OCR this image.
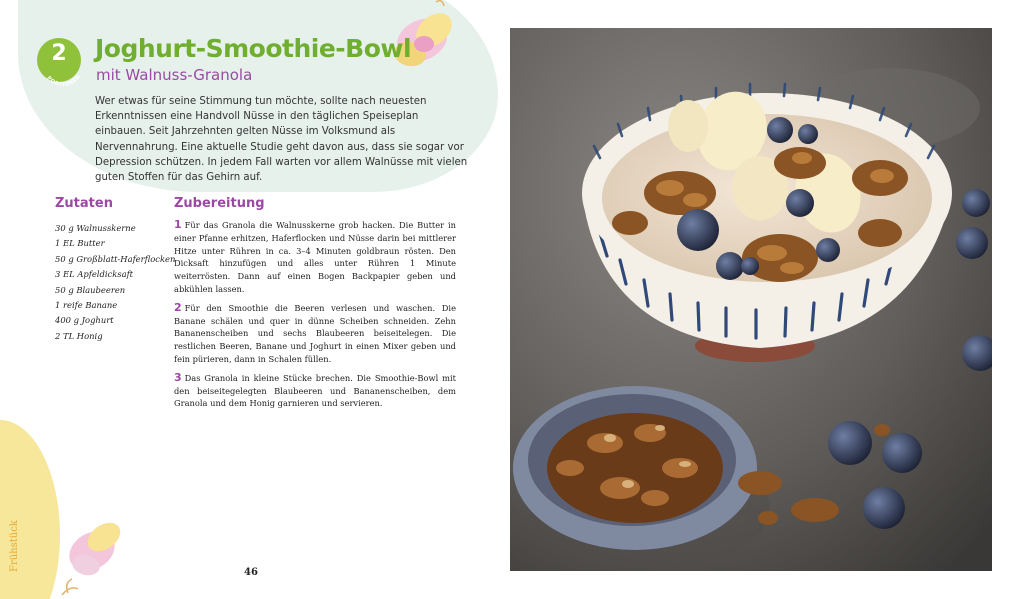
2
PORTIONEN
Joghurt-Smoothie-Bowl
mit Walnuss-Granola
Wer etwas für seine Stimmung tun möchte, sollte nach neuesten Erkenntnissen eine Handvoll Nüsse in den täglichen Speiseplan einbauen. Seit Jahrzehnten gelten Nüsse im Volksmund als Nervennahrung. Eine aktuelle Studie geht davon aus, dass sie sogar vor Depression schützen. In jedem Fall warten vor allem Walnüsse mit vielen guten Stoffen für das Gehirn auf.
Zutaten
30 g Walnusskerne
1 EL Butter
50 g Großblatt-Haferflocken
3 EL Apfeldicksaft
50 g Blaubeeren
1 reife Banane
400 g Joghurt
2 TL Honig
Zubereitung

1 Für das Granola die Walnusskerne grob hacken. Die Butter in einer Pfanne erhitzen, Haferflocken und Nüsse darin bei mittlerer Hitze unter Rühren in ca. 3–4 Minuten goldbraun rösten. Den Dicksaft hinzufügen und alles unter Rühren 1 Minute weiterrösten. Dann auf einen Bogen Backpapier geben und abkühlen lassen.

2 Für den Smoothie die Beeren verlesen und waschen. Die Banane schälen und quer in dünne Scheiben schneiden. Zehn Bananenscheiben und sechs Blaubeeren beiseitelegen. Die restlichen Beeren, Banane und Joghurt in einen Mixer geben und fein pürieren, dann in Schalen füllen.

3 Das Granola in kleine Stücke brechen. Die Smoothie-Bowl mit den beiseitegelegten Blaubeeren und Bananenscheiben, dem Granola und dem Honig garnieren und servieren.

Frühstück
46
